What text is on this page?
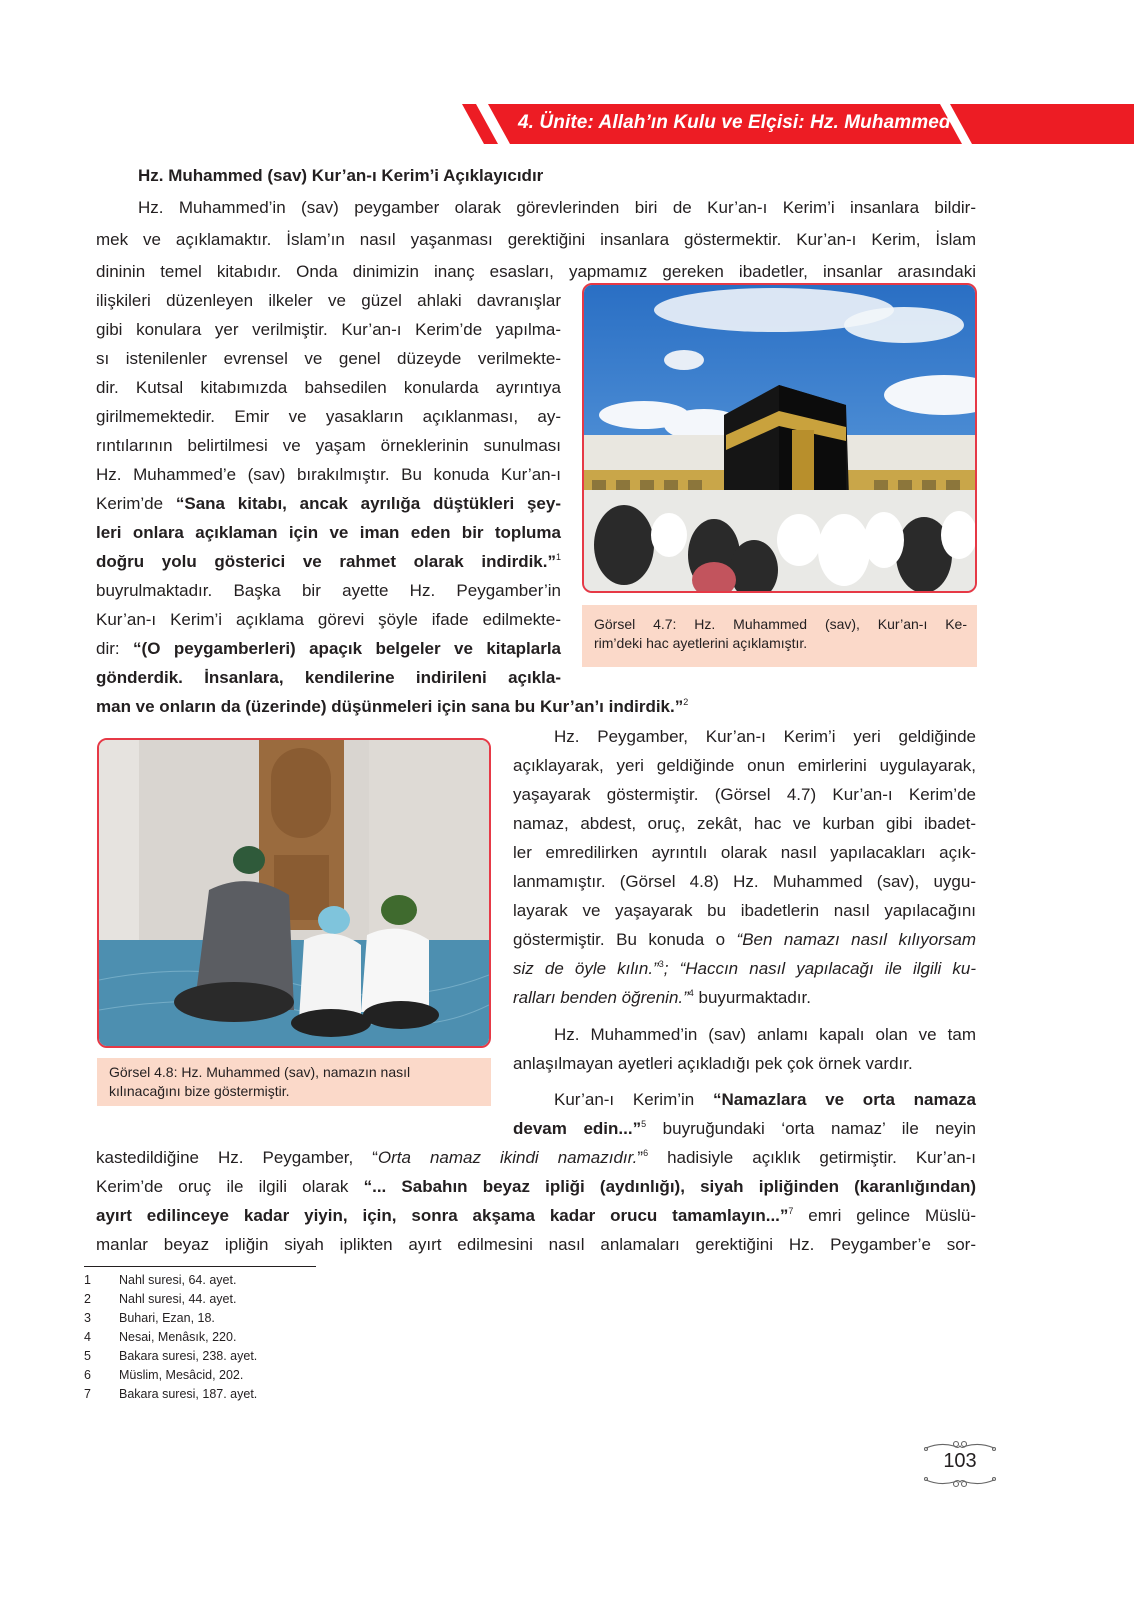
4. Ünite: Allah’ın Kulu ve Elçisi: Hz. Muhammed
Hz. Muhammed (sav) Kur’an-ı Kerim’i Açıklayıcıdır
Hz. Muhammed’in (sav) peygamber olarak görevlerinden biri de Kur’an-ı Kerim’i insanlara bildir-
mek ve açıklamaktır. İslam’ın nasıl yaşanması gerektiğini insanlara göstermektir. Kur’an-ı Kerim, İslam
dininin temel kitabıdır. Onda dinimizin inanç esasları, yapmamız gereken ibadetler, insanlar arasındaki
ilişkileri düzenleyen ilkeler ve güzel ahlaki davranışlar
gibi konulara yer verilmiştir. Kur’an-ı Kerim’de yapılma-
sı istenilenler evrensel ve genel düzeyde verilmekte-
dir. Kutsal kitabımızda bahsedilen konularda ayrıntıya
girilmemektedir. Emir ve yasakların açıklanması, ay-
rıntılarının belirtilmesi ve yaşam örneklerinin sunulması
Hz. Muhammed’e (sav) bırakılmıştır. Bu konuda Kur’an-ı
Kerim’de “Sana kitabı, ancak ayrılığa düştükleri şey-
leri onlara açıklaman için ve iman eden bir topluma
doğru yolu gösterici ve rahmet olarak indirdik.”$^1$
buyrulmaktadır. Başka bir ayette Hz. Peygamber’in
Kur’an-ı Kerim’i açıklama görevi şöyle ifade edilmekte-
dir: “(O peygamberleri) apaçık belgeler ve kitaplarla
gönderdik. İnsanlara, kendilerine indirileni açıkla-
man ve onların da (üzerinde) düşünmeleri için sana bu Kur’an’ı indirdik.”$^2$
Görsel 4.7: Hz. Muhammed (sav), Kur’an-ı Ke-
rim’deki hac ayetlerini açıklamıştır.
Görsel 4.8: Hz. Muhammed (sav), namazın nasıl
kılınacağını bize göstermiştir.
Hz. Peygamber, Kur’an-ı Kerim’i yeri geldiğinde
açıklayarak, yeri geldiğinde onun emirlerini uygulayarak,
yaşayarak göstermiştir. (Görsel 4.7) Kur’an-ı Kerim’de
namaz, abdest, oruç, zekât, hac ve kurban gibi ibadet-
ler emredilirken ayrıntılı olarak nasıl yapılacakları açık-
lanmamıştır. (Görsel 4.8) Hz. Muhammed (sav), uygu-
layarak ve yaşayarak bu ibadetlerin nasıl yapılacağını
göstermiştir. Bu konuda o “Ben namazı nasıl kılıyorsam
siz de öyle kılın.”$^3$; “Haccın nasıl yapılacağı ile ilgili ku-
ralları benden öğrenin.”$^4$ buyurmaktadır.
Hz. Muhammed’in (sav) anlamı kapalı olan ve tam
anlaşılmayan ayetleri açıkladığı pek çok örnek vardır.
Kur’an-ı Kerim’in “Namazlara ve orta namaza
devam edin...”$^5$ buyruğundaki ‘orta namaz’ ile neyin
kastedildiğine Hz. Peygamber, “Orta namaz ikindi namazıdır.”$^6$ hadisiyle açıklık getirmiştir. Kur’an-ı
Kerim’de oruç ile ilgili olarak “... Sabahın beyaz ipliği (aydınlığı), siyah ipliğinden (karanlığından)
ayırt edilinceye kadar yiyin, için, sonra akşama kadar orucu tamamlayın...”$^7$ emri gelince Müslü-
manlar beyaz ipliğin siyah iplikten ayırt edilmesini nasıl anlamaları gerektiğini Hz. Peygamber’e sor-
1 Nahl suresi, 64. ayet.
2 Nahl suresi, 44. ayet.
3 Buhari, Ezan, 18.
4 Nesai, Menâsık, 220.
5 Bakara suresi, 238. ayet.
6 Müslim, Mesâcid, 202.
7 Bakara suresi, 187. ayet.
103
